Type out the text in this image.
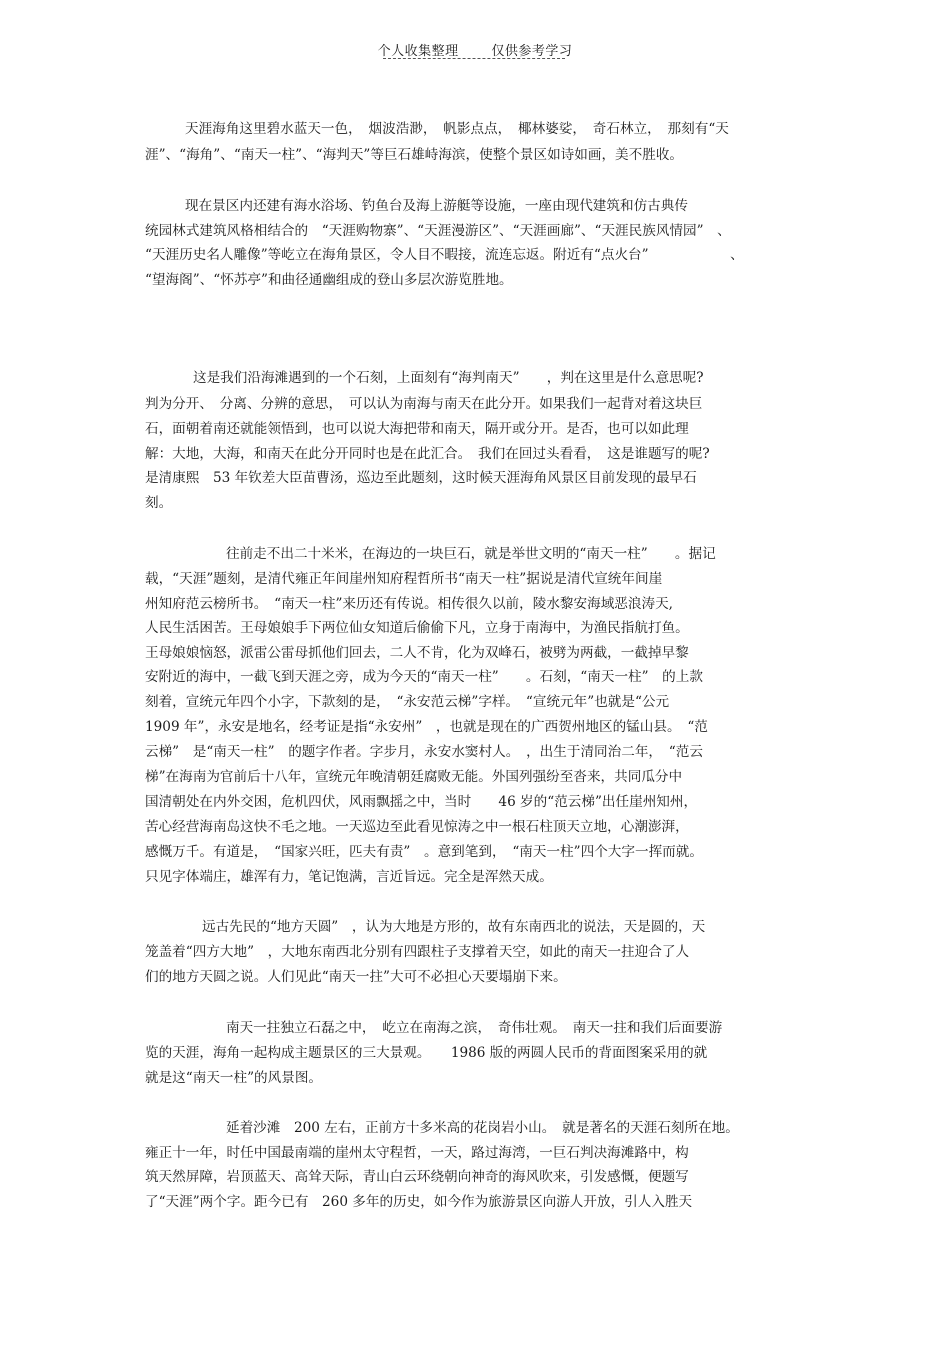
个人收集整理	仅供参考学习
天涯海角这里碧水蓝天一色，　烟波浩渺，　帆影点点，　椰林婆娑，　奇石林立，　那刻有“天
涯”、“海角”、“南天一柱”、“海判天”等巨石雄峙海滨，使整个景区如诗如画，美不胜收。
现在景区内还建有海水浴场、钓鱼台及海上游艇等设施，一座由现代建筑和仿古典传
统园林式建筑风格相结合的　“天涯购物寨”、“天涯漫游区”、“天涯画廊”、“天涯民族风情园”　、
“天涯历史名人雕像”等屹立在海角景区，令人目不暇接，流连忘返。附近有“点火台”　　　　　　、
“望海阁”、“怀苏亭”和曲径通幽组成的登山多层次游览胜地。
这是我们沿海滩遇到的一个石刻，上面刻有“海判南天”　　，判在这里是什么意思呢?
判为分开、　分离、分辨的意思，　可以认为南海与南天在此分开。如果我们一起背对着这块巨
石，面朝着南还就能领悟到，也可以说大海把带和南天，隔开或分开。是否，也可以如此理
解：大地，大海，和南天在此分开同时也是在此汇合。　我们在回过头看看，　这是谁题写的呢?
是清康熙　53 年钦差大臣苗曹汤，巡边至此题刻，这时候天涯海角风景区目前发现的最早石
刻。
往前走不出二十米米，在海边的一块巨石，就是举世文明的“南天一柱”　　。据记
载，“天涯”题刻，是清代雍正年间崖州知府程哲所书“南天一柱”据说是清代宣统年间崖
州知府范云榜所书。　“南天一柱”来历还有传说。相传很久以前，陵水黎安海域恶浪涛天,
人民生活困苦。王母娘娘手下两位仙女知道后偷偷下凡，立身于南海中，为渔民指航打鱼。
王母娘娘恼怒，派雷公雷母抓他们回去，二人不肯，化为双峰石，被劈为两截，一截掉早黎
安附近的海中，一截飞到天涯之旁，成为今天的“南天一柱”　　。石刻，“南天一柱”　的上款
刻着，宣统元年四个小字，下款刻的是，　“永安范云梯”字样。　“宣统元年”也就是“公元
1909 年”，永安是地名，经考证是指“永安州”　，也就是现在的广西贺州地区的锰山县。　“范
云梯”　是“南天一柱”　的题字作者。字步月，永安水窦村人。　，出生于清同治二年，　“范云
梯”在海南为官前后十八年，宣统元年晚清朝廷腐败无能。外国列强纷至沓来，共同瓜分中
国清朝处在内外交困，危机四伏，风雨飘摇之中，当时　　46 岁的“范云梯”出任崖州知州，
苦心经营海南岛这快不毛之地。一天巡边至此看见惊涛之中一根石柱顶天立地，心潮澎湃，
感慨万千。有道是，　“国家兴旺，匹夫有责”　。意到笔到，　“南天一柱”四个大字一挥而就。
只见字体端庄，雄浑有力，笔记饱满，言近旨远。完全是浑然天成。
远古先民的“地方天圆”　，认为大地是方形的，故有东南西北的说法，天是圆的，天
笼盖着“四方大地”　，大地东南西北分别有四跟柱子支撑着天空，如此的南天一拄迎合了人
们的地方天圆之说。人们见此“南天一拄”大可不必担心天要塌崩下来。
南天一拄独立石磊之中，　屹立在南海之滨，　奇伟壮观。　南天一拄和我们后面要游
览的天涯，海角一起构成主题景区的三大景观。　　1986 版的两圆人民币的背面图案采用的就
就是这“南天一柱”的风景图。
延着沙滩　200 左右，正前方十多米高的花岗岩小山。　就是著名的天涯石刻所在地。
雍正十一年，时任中国最南端的崖州太守程哲，一天，路过海湾，一巨石判决海滩路中，构
筑天然屏障，岩顶蓝天、高耸天际，青山白云环绕朝向神奇的海风吹来，引发感慨，便题写
了“天涯”两个字。距今已有　260 多年的历史，如今作为旅游景区向游人开放，引人入胜天
